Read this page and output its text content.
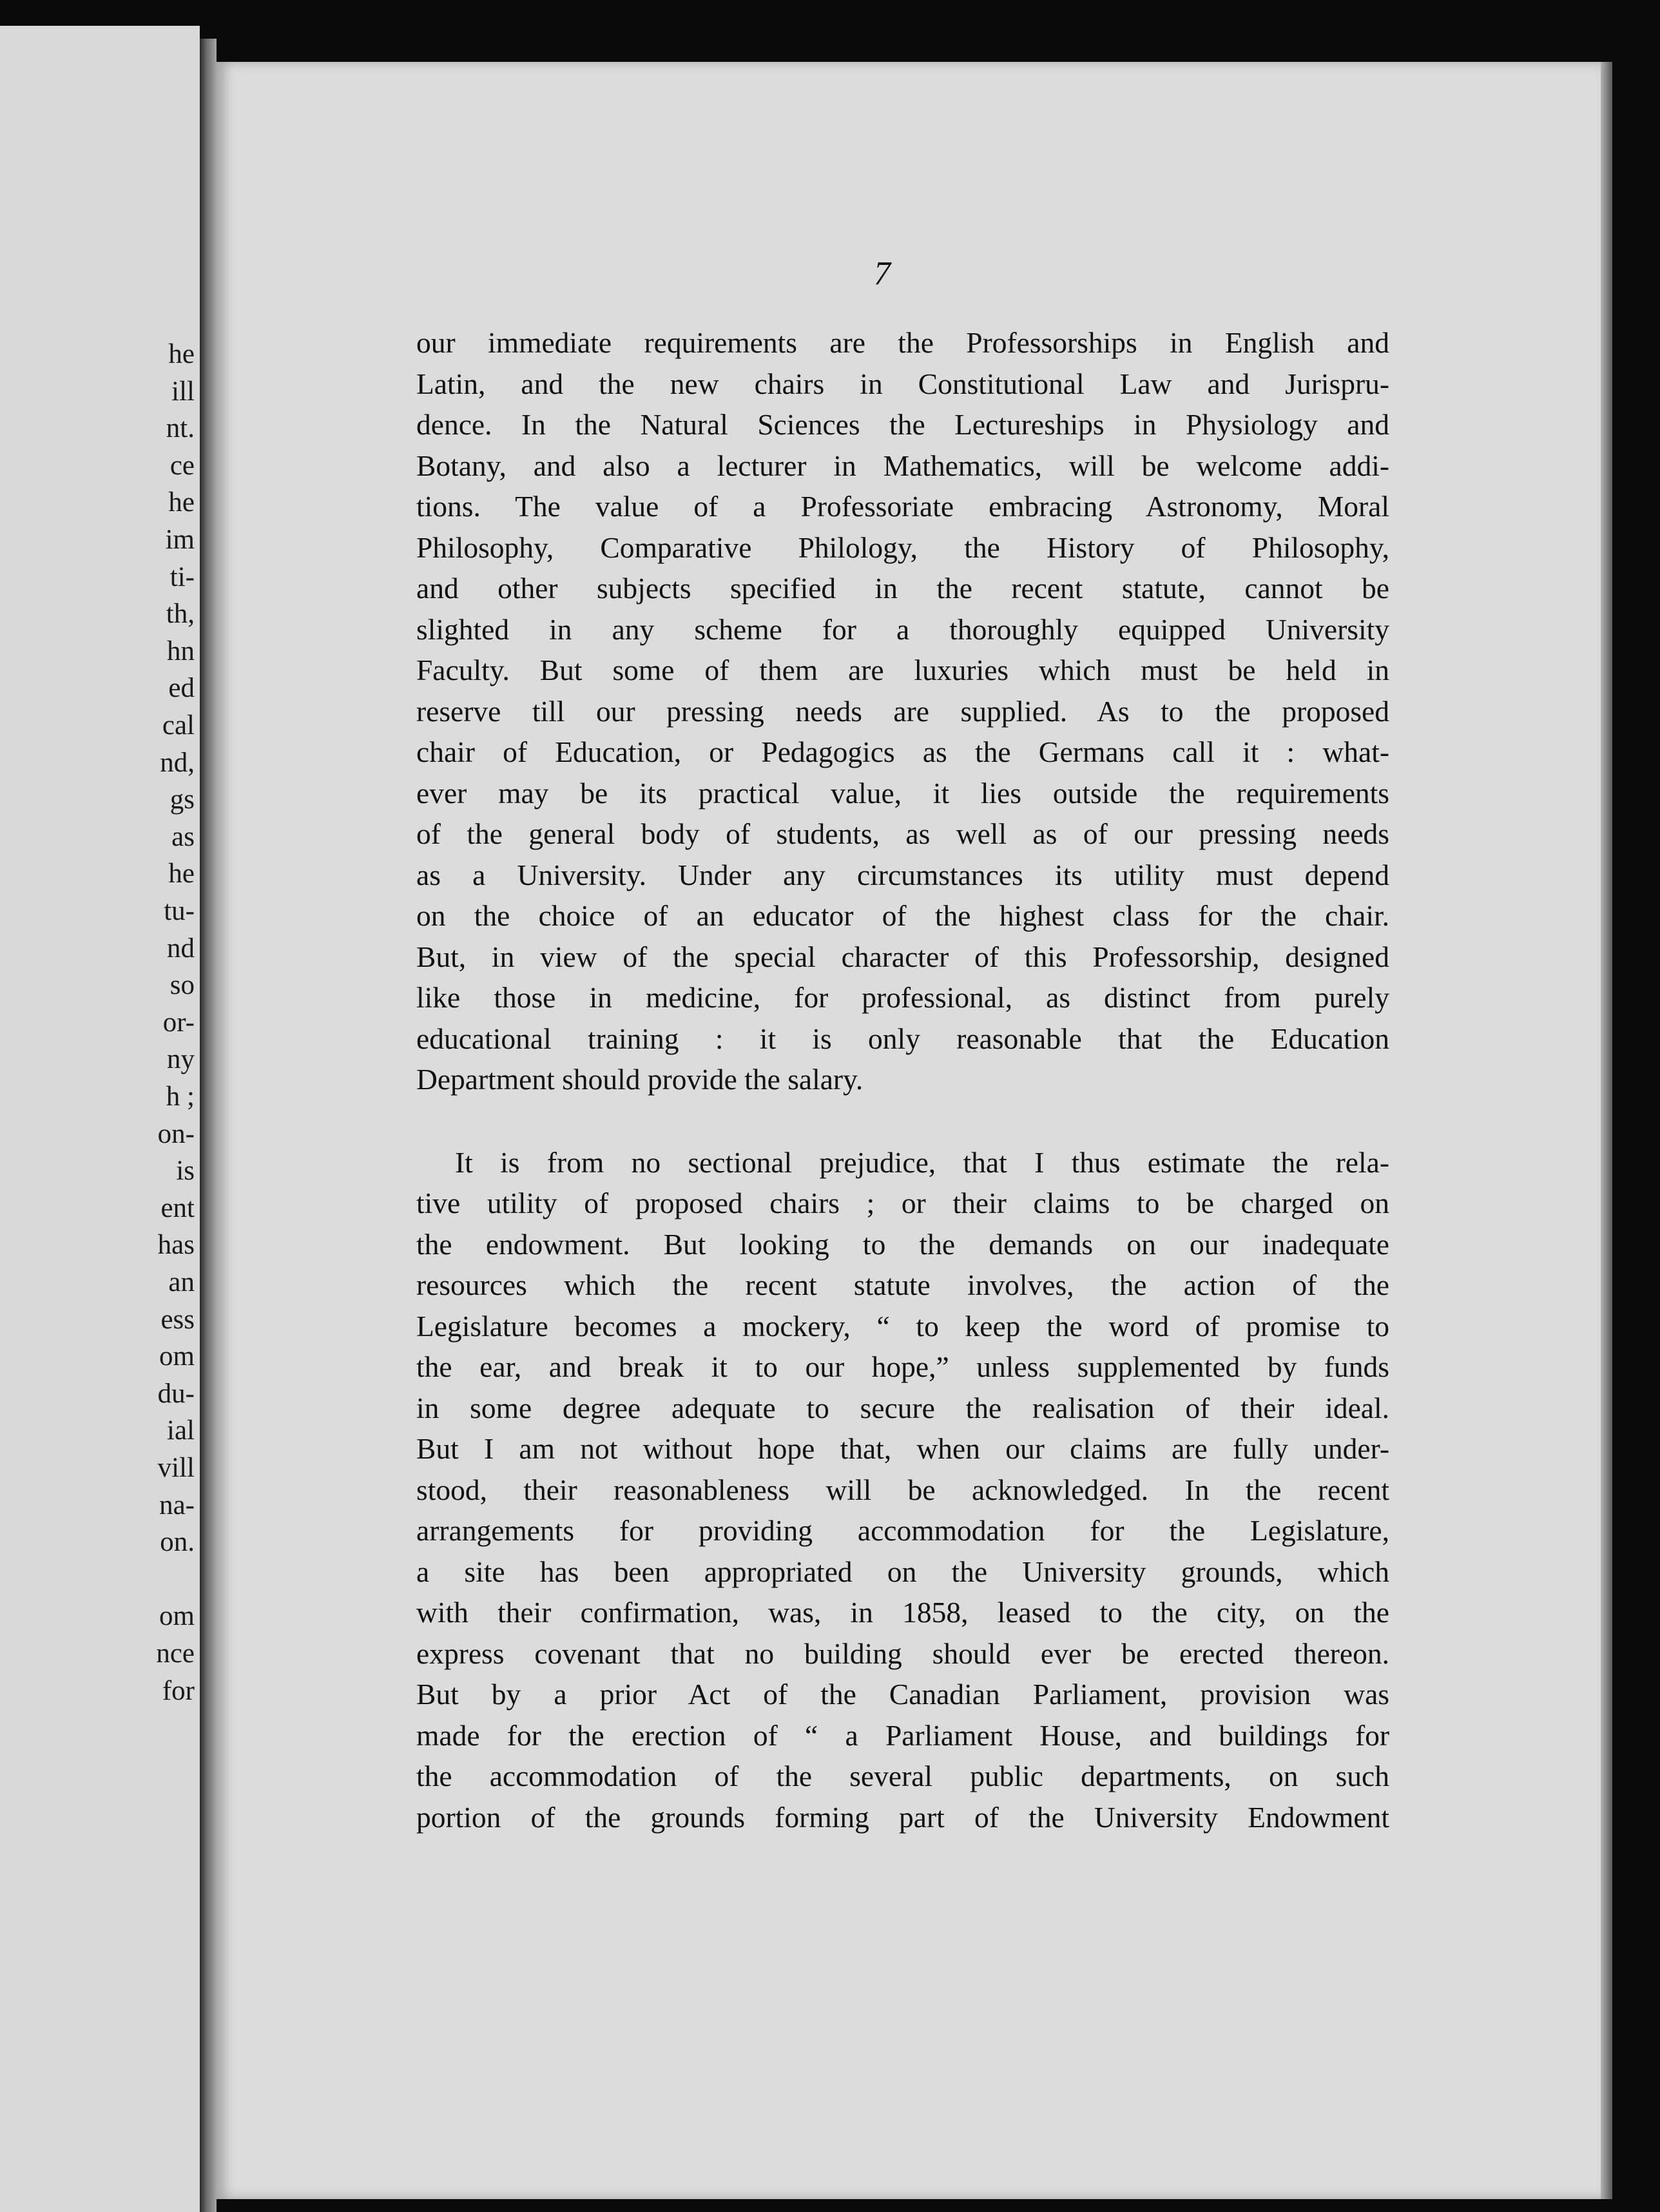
he
ill
nt.
ce
he
im
ti-
th,
hn
ed
cal
nd,
gs
as
he
tu-
nd
so
or-
ny
h ;
on-
is
ent
has
an
ess
om
du-
ial
vill
na-
on.
om
nce
for
7
our immediate requirements are the Professorships in English and
Latin, and the new chairs in Constitutional Law and Jurispru-
dence. In the Natural Sciences the Lectureships in Physiology and
Botany, and also a lecturer in Mathematics, will be welcome addi-
tions. The value of a Professoriate embracing Astronomy, Moral
Philosophy, Comparative Philology, the History of Philosophy,
and other subjects specified in the recent statute, cannot be
slighted in any scheme for a thoroughly equipped University
Faculty. But some of them are luxuries which must be held in
reserve till our pressing needs are supplied. As to the proposed
chair of Education, or Pedagogics as the Germans call it : what-
ever may be its practical value, it lies outside the requirements
of the general body of students, as well as of our pressing needs
as a University. Under any circumstances its utility must depend
on the choice of an educator of the highest class for the chair.
But, in view of the special character of this Professorship, designed
like those in medicine, for professional, as distinct from purely
educational training : it is only reasonable that the Education
Department should provide the salary.
It is from no sectional prejudice, that I thus estimate the rela-
tive utility of proposed chairs ; or their claims to be charged on
the endowment. But looking to the demands on our inadequate
resources which the recent statute involves, the action of the
Legislature becomes a mockery, “ to keep the word of promise to
the ear, and break it to our hope,” unless supplemented by funds
in some degree adequate to secure the realisation of their ideal.
But I am not without hope that, when our claims are fully under-
stood, their reasonableness will be acknowledged. In the recent
arrangements for providing accommodation for the Legislature,
a site has been appropriated on the University grounds, which
with their confirmation, was, in 1858, leased to the city, on the
express covenant that no building should ever be erected thereon.
But by a prior Act of the Canadian Parliament, provision was
made for the erection of “ a Parliament House, and buildings for
the accommodation of the several public departments, on such
portion of the grounds forming part of the University Endowment
